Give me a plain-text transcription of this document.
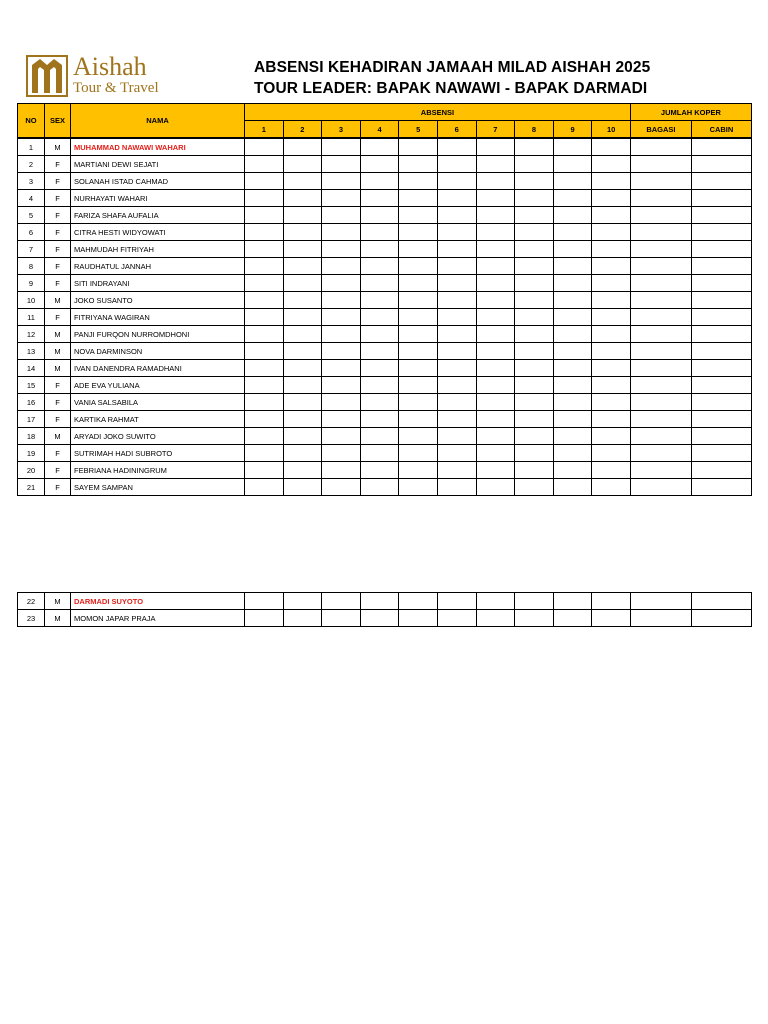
Aishah
Tour & Travel
ABSENSI KEHADIRAN JAMAAH MILAD AISHAH 2025
TOUR LEADER: BAPAK NAWAWI - BAPAK DARMADI
NO	SEX	NAMA	ABSENSI										JUMLAH KOPER	
			1	2	3	4	5	6	7	8	9	10	BAGASI	CABIN
1	M	MUHAMMAD NAWAWI WAHARI												
2	F	MARTIANI DEWI SEJATI												
3	F	SOLANAH ISTAD CAHMAD												
4	F	NURHAYATI WAHARI												
5	F	FARIZA SHAFA AUFALIA												
6	F	CITRA HESTI WIDYOWATI												
7	F	MAHMUDAH FITRIYAH												
8	F	RAUDHATUL JANNAH												
9	F	SITI INDRAYANI												
10	M	JOKO SUSANTO												
11	F	FITRIYANA WAGIRAN												
12	M	PANJI FURQON NURROMDHONI												
13	M	NOVA DARMINSON												
14	M	IVAN DANENDRA RAMADHANI												
15	F	ADE EVA YULIANA												
16	F	VANIA SALSABILA												
17	F	KARTIKA RAHMAT												
18	M	ARYADI JOKO SUWITO												
19	F	SUTRIMAH HADI SUBROTO												
20	F	FEBRIANA HADININGRUM												
21	F	SAYEM SAMPAN												
22	M	DARMADI SUYOTO												
23	M	MOMON JAPAR PRAJA												
